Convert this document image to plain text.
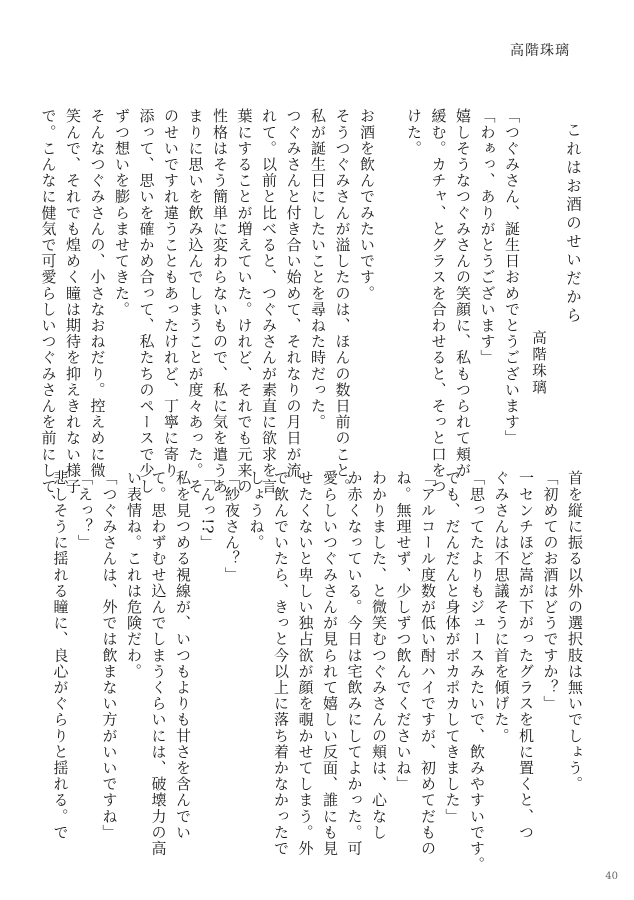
高階珠璃
これはお酒のせいだから
高階珠璃

「つぐみさん、誕生日おめでとうございます」

「わぁっ、ありがとうございます」

嬉しそうなつぐみさんの笑顔に、私もつられて頬が

緩む。カチャ、とグラスを合わせると、そっと口をつ

けた。

お酒を飲んでみたいです。

そうつぐみさんが溢したのは、ほんの数日前のこと。

私が誕生日にしたいことを尋ねた時だった。

つぐみさんと付き合い始めて、それなりの月日が流

れて。以前と比べると、つぐみさんが素直に欲求を言

葉にすることが増えていた。けれど、それでも元来の

性格はそう簡単に変わらないもので、私に気を遣うあ

まりに思いを飲み込んでしまうことが度々あった。そ

のせいですれ違うこともあったけれど、丁寧に寄り

添って、思いを確かめ合って、私たちのペースで少し

ずつ想いを膨らませてきた。

そんなつぐみさんの、小さなおねだり。控えめに微

笑んで、それでも煌めく瞳は期待を抑えきれない様子

で。こんなに健気で可愛らしいつぐみさんを前にして、

首を縦に振る以外の選択肢は無いでしょう。

「初めてのお酒はどうですか？」

一センチほど嵩が下がったグラスを机に置くと、つ

ぐみさんは不思議そうに首を傾げた。

「思ってたよりもジュースみたいで、飲みやすいです。

でも、だんだんと身体がポカポカしてきました」

「アルコール度数が低い酎ハイですが、初めてだもの

ね。無理せず、少しずつ飲んでくださいね」

わかりました、と微笑むつぐみさんの頬は、心なし

か赤くなっている。今日は宅飲みにしてよかった。可

愛らしいつぐみさんが見られて嬉しい反面、誰にも見

せたくないと卑しい独占欲が顔を覗かせてしまう。外

で飲んでいたら、きっと今以上に落ち着かなかったで

しょうね。

「紗夜さん？」

「んっ!?」

私を見つめる視線が、いつもよりも甘さを含んでい

て。思わずむせ込んでしまうくらいには、破壊力の高

い表情ね。これは危険だわ。

「つぐみさんは、外では飲まない方がいいですね」

「えっ？」

悲しそうに揺れる瞳に、良心がぐらりと揺れる。で

40
